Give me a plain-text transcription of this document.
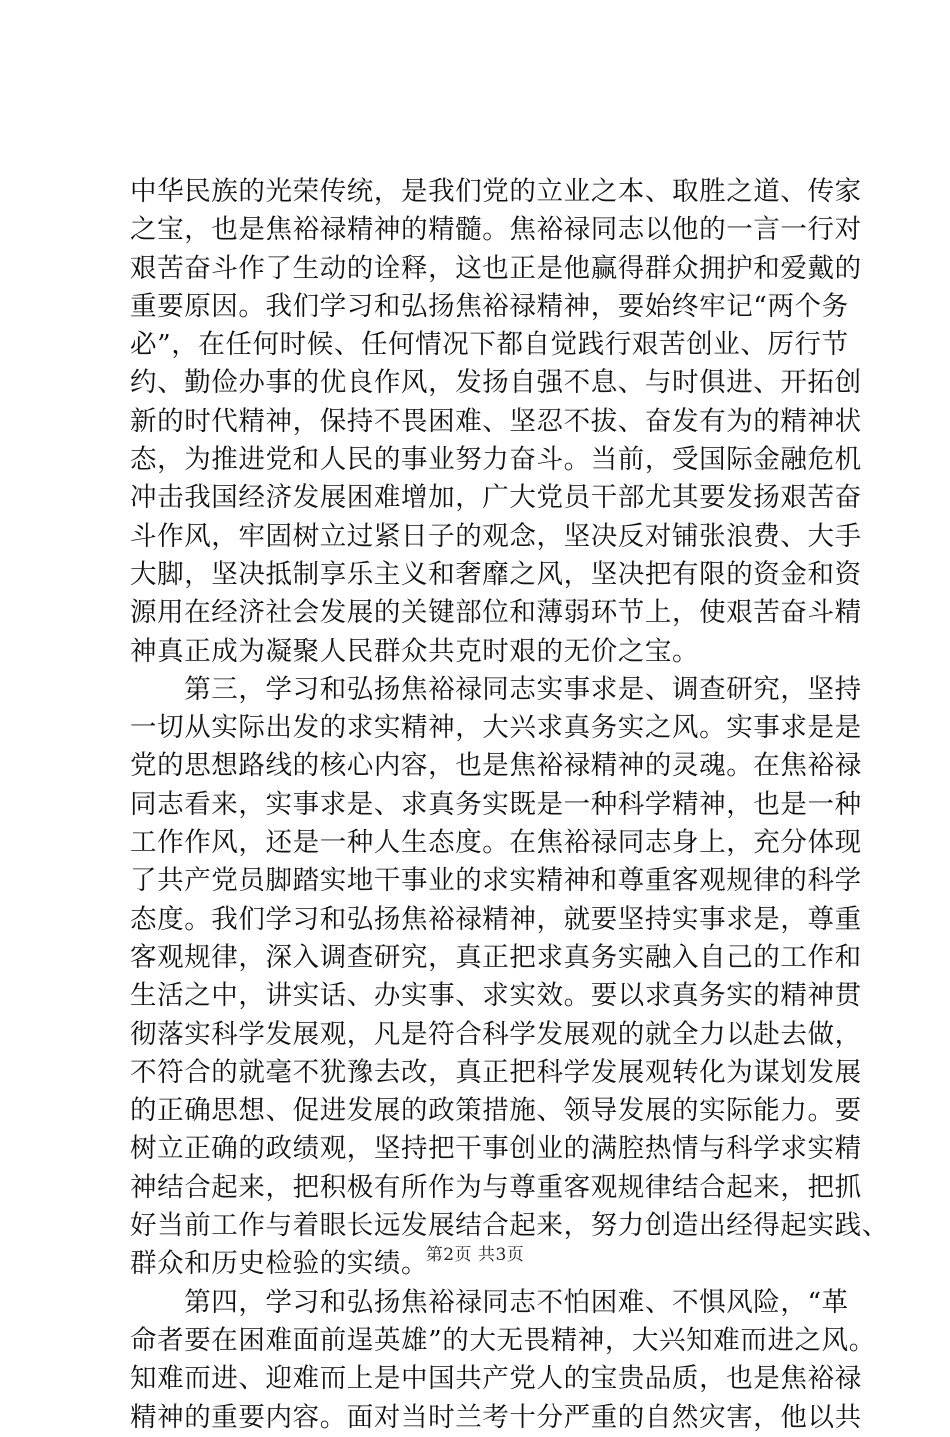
中华民族的光荣传统，是我们党的立业之本、取胜之道、传家
之宝，也是焦裕禄精神的精髓。焦裕禄同志以他的一言一行对
艰苦奋斗作了生动的诠释，这也正是他赢得群众拥护和爱戴的
重要原因。我们学习和弘扬焦裕禄精神，要始终牢记“两个务
必”，在任何时候、任何情况下都自觉践行艰苦创业、厉行节
约、勤俭办事的优良作风，发扬自强不息、与时俱进、开拓创
新的时代精神，保持不畏困难、坚忍不拔、奋发有为的精神状
态，为推进党和人民的事业努力奋斗。当前，受国际金融危机
冲击我国经济发展困难增加，广大党员干部尤其要发扬艰苦奋
斗作风，牢固树立过紧日子的观念，坚决反对铺张浪费、大手
大脚，坚决抵制享乐主义和奢靡之风，坚决把有限的资金和资
源用在经济社会发展的关键部位和薄弱环节上，使艰苦奋斗精
神真正成为凝聚人民群众共克时艰的无价之宝。
　　第三，学习和弘扬焦裕禄同志实事求是、调查研究，坚持
一切从实际出发的求实精神，大兴求真务实之风。实事求是是
党的思想路线的核心内容，也是焦裕禄精神的灵魂。在焦裕禄
同志看来，实事求是、求真务实既是一种科学精神，也是一种
工作作风，还是一种人生态度。在焦裕禄同志身上，充分体现
了共产党员脚踏实地干事业的求实精神和尊重客观规律的科学
态度。我们学习和弘扬焦裕禄精神，就要坚持实事求是，尊重
客观规律，深入调查研究，真正把求真务实融入自己的工作和
生活之中，讲实话、办实事、求实效。要以求真务实的精神贯
彻落实科学发展观，凡是符合科学发展观的就全力以赴去做，
不符合的就毫不犹豫去改，真正把科学发展观转化为谋划发展
的正确思想、促进发展的政策措施、领导发展的实际能力。要
树立正确的政绩观，坚持把干事创业的满腔热情与科学求实精
神结合起来，把积极有所作为与尊重客观规律结合起来，把抓
好当前工作与着眼长远发展结合起来，努力创造出经得起实践、
群众和历史检验的实绩。
　　第四，学习和弘扬焦裕禄同志不怕困难、不惧风险，“革
命者要在困难面前逞英雄”的大无畏精神，大兴知难而进之风。
知难而进、迎难而上是中国共产党人的宝贵品质，也是焦裕禄
精神的重要内容。面对当时兰考十分严重的自然灾害，他以共
第2页 共3页
